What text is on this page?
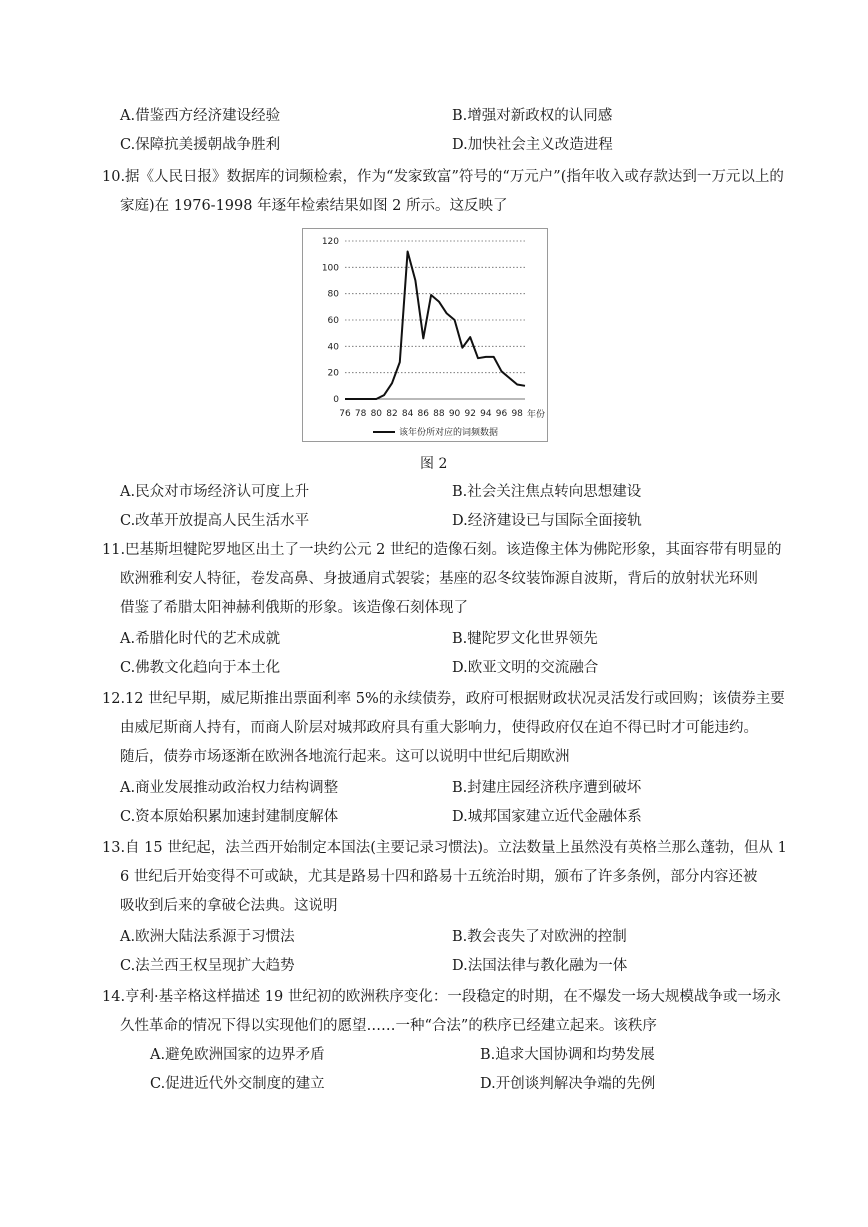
A.借鉴西方经济建设经验	B.增强对新政权的认同感
C.保障抗美援朝战争胜利	D.加快社会主义改造进程
10.据《人民日报》数据库的词频检索，作为“发家致富”符号的“万元户”(指年收入或存款达到一万元以上的
家庭)在 1976-1998 年逐年检索结果如图 2 所示。这反映了
0
20
40
60
80
100
120
76 78 80 82 84 86 88 90 92 94 96 98 年份
该年份所对应的词频数据
图 2
A.民众对市场经济认可度上升	B.社会关注焦点转向思想建设
C.改革开放提高人民生活水平	D.经济建设已与国际全面接轨
11.巴基斯坦犍陀罗地区出土了一块约公元 2 世纪的造像石刻。该造像主体为佛陀形象，其面容带有明显的
欧洲雅利安人特征，卷发高鼻、身披通肩式袈裟；基座的忍冬纹装饰源自波斯，背后的放射状光环则
借鉴了希腊太阳神赫利俄斯的形象。该造像石刻体现了
A.希腊化时代的艺术成就	B.犍陀罗文化世界领先
C.佛教文化趋向于本土化	D.欧亚文明的交流融合
12.12 世纪早期，威尼斯推出票面利率 5%的永续债券，政府可根据财政状况灵活发行或回购；该债券主要
由威尼斯商人持有，而商人阶层对城邦政府具有重大影响力，使得政府仅在迫不得已时才可能违约。
随后，债券市场逐渐在欧洲各地流行起来。这可以说明中世纪后期欧洲
A.商业发展推动政治权力结构调整	B.封建庄园经济秩序遭到破坏
C.资本原始积累加速封建制度解体	D.城邦国家建立近代金融体系
13.自 15 世纪起，法兰西开始制定本国法(主要记录习惯法)。立法数量上虽然没有英格兰那么蓬勃，但从 1
6 世纪后开始变得不可或缺，尤其是路易十四和路易十五统治时期，颁布了许多条例，部分内容还被
吸收到后来的拿破仑法典。这说明
A.欧洲大陆法系源于习惯法	B.教会丧失了对欧洲的控制
C.法兰西王权呈现扩大趋势	D.法国法律与教化融为一体
14.亨利·基辛格这样描述 19 世纪初的欧洲秩序变化：一段稳定的时期，在不爆发一场大规模战争或一场永
久性革命的情况下得以实现他们的愿望……一种“合法”的秩序已经建立起来。该秩序
A.避免欧洲国家的边界矛盾	B.追求大国协调和均势发展
C.促进近代外交制度的建立	D.开创谈判解决争端的先例
